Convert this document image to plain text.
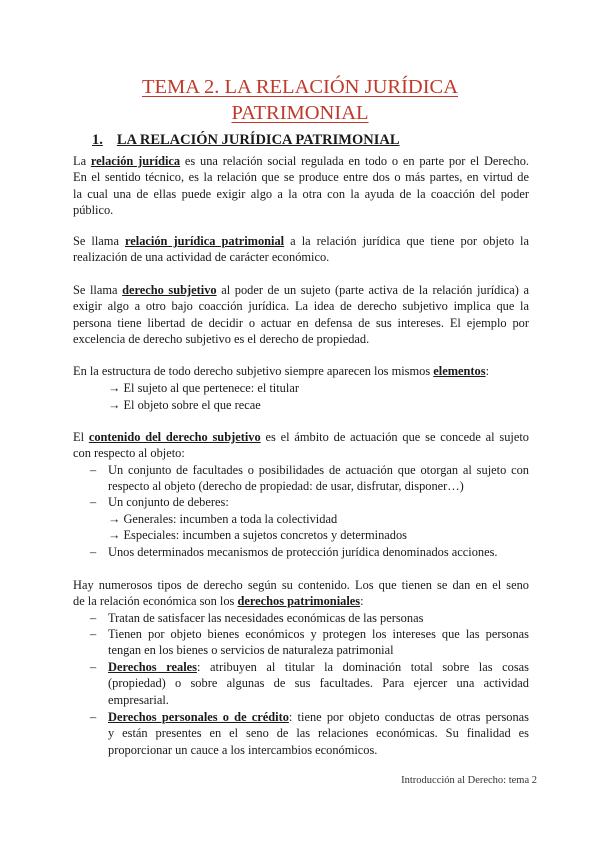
TEMA 2. LA RELACIÓN JURÍDICA
PATRIMONIAL
1. LA RELACIÓN JURÍDICA PATRIMONIAL
La relación jurídica es una relación social regulada en todo o en parte por el Derecho.
En el sentido técnico, es la relación que se produce entre dos o más partes, en virtud de
la cual una de ellas puede exigir algo a la otra con la ayuda de la coacción del poder
público.
Se llama relación jurídica patrimonial a la relación jurídica que tiene por objeto la
realización de una actividad de carácter económico.
Se llama derecho subjetivo al poder de un sujeto (parte activa de la relación jurídica) a
exigir algo a otro bajo coacción jurídica. La idea de derecho subjetivo implica que la
persona tiene libertad de decidir o actuar en defensa de sus intereses. El ejemplo por
excelencia de derecho subjetivo es el derecho de propiedad.
En la estructura de todo derecho subjetivo siempre aparecen los mismos elementos:
→ El sujeto al que pertenece: el titular
→ El objeto sobre el que recae
El contenido del derecho subjetivo es el ámbito de actuación que se concede al sujeto
con respecto al objeto:
– Un conjunto de facultades o posibilidades de actuación que otorgan al sujeto con
respecto al objeto (derecho de propiedad: de usar, disfrutar, disponer…)
– Un conjunto de deberes:
→ Generales: incumben a toda la colectividad
→ Especiales: incumben a sujetos concretos y determinados
– Unos determinados mecanismos de protección jurídica denominados acciones.
Hay numerosos tipos de derecho según su contenido. Los que tienen se dan en el seno
de la relación económica son los derechos patrimoniales:
– Tratan de satisfacer las necesidades económicas de las personas
– Tienen por objeto bienes económicos y protegen los intereses que las personas
tengan en los bienes o servicios de naturaleza patrimonial
– Derechos reales: atribuyen al titular la dominación total sobre las cosas
(propiedad) o sobre algunas de sus facultades. Para ejercer una actividad
empresarial.
– Derechos personales o de crédito: tiene por objeto conductas de otras personas
y están presentes en el seno de las relaciones económicas. Su finalidad es
proporcionar un cauce a los intercambios económicos.
Introducción al Derecho: tema 2
